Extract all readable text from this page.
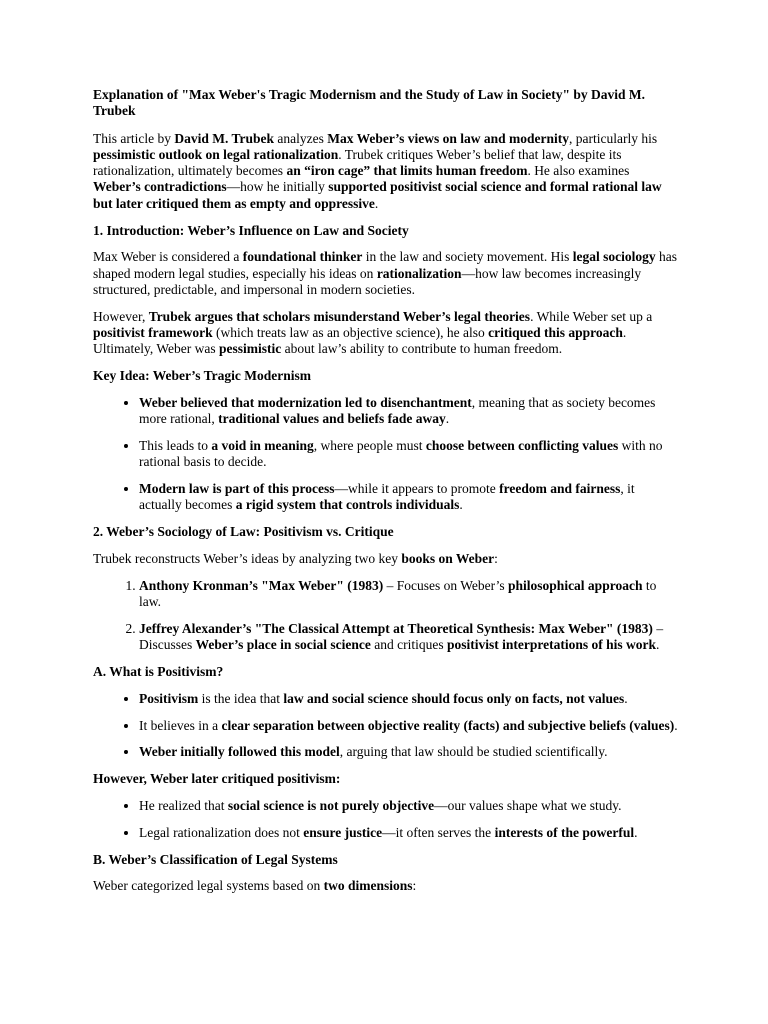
Explanation of "Max Weber's Tragic Modernism and the Study of Law in Society" by David M. Trubek

This article by David M. Trubek analyzes Max Weber’s views on law and modernity, particularly his pessimistic outlook on legal rationalization. Trubek critiques Weber’s belief that law, despite its rationalization, ultimately becomes an “iron cage” that limits human freedom. He also examines Weber’s contradictions—how he initially supported positivist social science and formal rational law but later critiqued them as empty and oppressive.

1. Introduction: Weber’s Influence on Law and Society

Max Weber is considered a foundational thinker in the law and society movement. His legal sociology has shaped modern legal studies, especially his ideas on rationalization—how law becomes increasingly structured, predictable, and impersonal in modern societies.

However, Trubek argues that scholars misunderstand Weber’s legal theories. While Weber set up a positivist framework (which treats law as an objective science), he also critiqued this approach. Ultimately, Weber was pessimistic about law’s ability to contribute to human freedom.

Key Idea: Weber’s Tragic Modernism
• Weber believed that modernization led to disenchantment, meaning that as society becomes more rational, traditional values and beliefs fade away.
• This leads to a void in meaning, where people must choose between conflicting values with no rational basis to decide.
• Modern law is part of this process—while it appears to promote freedom and fairness, it actually becomes a rigid system that controls individuals.
2. Weber’s Sociology of Law: Positivism vs. Critique

Trubek reconstructs Weber’s ideas by analyzing two key books on Weber:

1. Anthony Kronman’s "Max Weber" (1983) – Focuses on Weber’s philosophical approach to law.
2. Jeffrey Alexander’s "The Classical Attempt at Theoretical Synthesis: Max Weber" (1983) – Discusses Weber’s place in social science and critiques positivist interpretations of his work.
A. What is Positivism?
• Positivism is the idea that law and social science should focus only on facts, not values.
• It believes in a clear separation between objective reality (facts) and subjective beliefs (values).
• Weber initially followed this model, arguing that law should be studied scientifically.
However, Weber later critiqued positivism:
• He realized that social science is not purely objective—our values shape what we study.
• Legal rationalization does not ensure justice—it often serves the interests of the powerful.
B. Weber’s Classification of Legal Systems

Weber categorized legal systems based on two dimensions:
